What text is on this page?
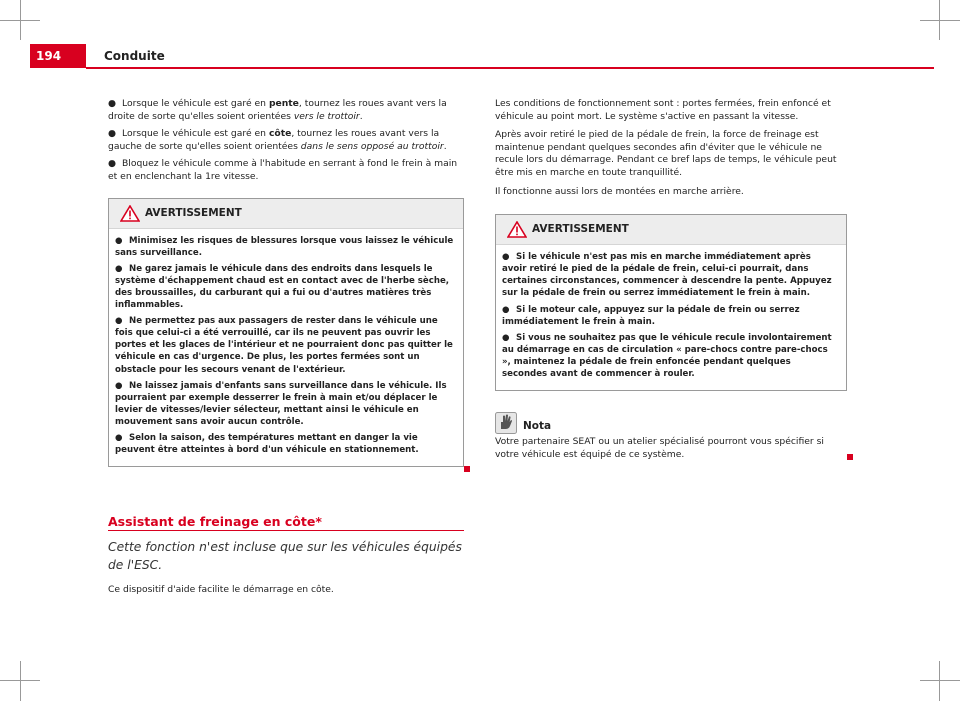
194	Conduite
● Lorsque le véhicule est garé en pente, tournez les roues avant vers la droite de sorte qu'elles soient orientées vers le trottoir.
● Lorsque le véhicule est garé en côte, tournez les roues avant vers la gauche de sorte qu'elles soient orientées dans le sens opposé au trottoir.
● Bloquez le véhicule comme à l'habitude en serrant à fond le frein à main et en enclenchant la 1re vitesse.
AVERTISSEMENT
● Minimisez les risques de blessures lorsque vous laissez le véhicule sans surveillance.
● Ne garez jamais le véhicule dans des endroits dans lesquels le système d'échappement chaud est en contact avec de l'herbe sèche, des broussailles, du carburant qui a fui ou d'autres matières très inflammables.
● Ne permettez pas aux passagers de rester dans le véhicule une fois que celui-ci a été verrouillé, car ils ne peuvent pas ouvrir les portes et les glaces de l'intérieur et ne pourraient donc pas quitter le véhicule en cas d'urgence. De plus, les portes fermées sont un obstacle pour les secours venant de l'extérieur.
● Ne laissez jamais d'enfants sans surveillance dans le véhicule. Ils pourraient par exemple desserrer le frein à main et/ou déplacer le levier de vitesses/levier sélecteur, mettant ainsi le véhicule en mouvement sans avoir aucun contrôle.
● Selon la saison, des températures mettant en danger la vie peuvent être atteintes à bord d'un véhicule en stationnement.
Assistant de freinage en côte*
Cette fonction n'est incluse que sur les véhicules équipés de l'ESC.
Ce dispositif d'aide facilite le démarrage en côte.

Les conditions de fonctionnement sont : portes fermées, frein enfoncé et véhicule au point mort. Le système s'active en passant la vitesse.

Après avoir retiré le pied de la pédale de frein, la force de freinage est maintenue pendant quelques secondes afin d'éviter que le véhicule ne recule lors du démarrage. Pendant ce bref laps de temps, le véhicule peut être mis en marche en toute tranquillité.

Il fonctionne aussi lors de montées en marche arrière.

AVERTISSEMENT
● Si le véhicule n'est pas mis en marche immédiatement après avoir retiré le pied de la pédale de frein, celui-ci pourrait, dans certaines circonstances, commencer à descendre la pente. Appuyez sur la pédale de frein ou serrez immédiatement le frein à main.
● Si le moteur cale, appuyez sur la pédale de frein ou serrez immédiatement le frein à main.
● Si vous ne souhaitez pas que le véhicule recule involontairement au démarrage en cas de circulation « pare-chocs contre pare-chocs », maintenez la pédale de frein enfoncée pendant quelques secondes avant de commencer à rouler.
Nota
Votre partenaire SEAT ou un atelier spécialisé pourront vous spécifier si votre véhicule est équipé de ce système.
